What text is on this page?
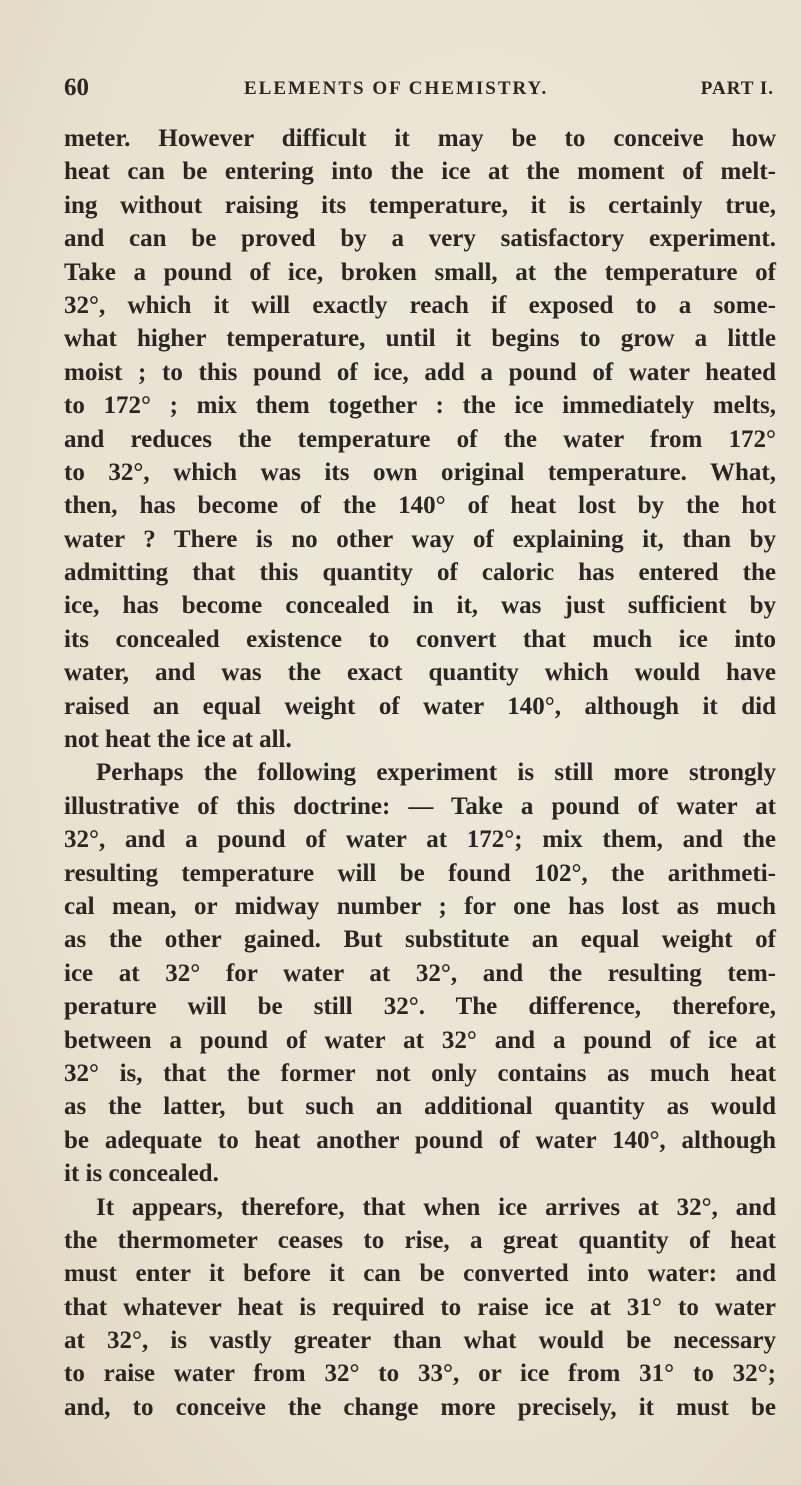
60	ELEMENTS OF CHEMISTRY.	PART I.
meter. However difficult it may be to conceive how
heat can be entering into the ice at the moment of melt-
ing without raising its temperature, it is certainly true,
and can be proved by a very satisfactory experiment.
Take a pound of ice, broken small, at the temperature of
32°, which it will exactly reach if exposed to a some-
what higher temperature, until it begins to grow a little
moist ; to this pound of ice, add a pound of water heated
to 172° ; mix them together : the ice immediately melts,
and reduces the temperature of the water from 172°
to 32°, which was its own original temperature. What,
then, has become of the 140° of heat lost by the hot
water ? There is no other way of explaining it, than by
admitting that this quantity of caloric has entered the
ice, has become concealed in it, was just sufficient by
its concealed existence to convert that much ice into
water, and was the exact quantity which would have
raised an equal weight of water 140°, although it did
not heat the ice at all.
Perhaps the following experiment is still more strongly
illustrative of this doctrine: — Take a pound of water at
32°, and a pound of water at 172°; mix them, and the
resulting temperature will be found 102°, the arithmeti-
cal mean, or midway number ; for one has lost as much
as the other gained. But substitute an equal weight of
ice at 32° for water at 32°, and the resulting tem-
perature will be still 32°. The difference, therefore,
between a pound of water at 32° and a pound of ice at
32° is, that the former not only contains as much heat
as the latter, but such an additional quantity as would
be adequate to heat another pound of water 140°, although
it is concealed.
It appears, therefore, that when ice arrives at 32°, and
the thermometer ceases to rise, a great quantity of heat
must enter it before it can be converted into water: and
that whatever heat is required to raise ice at 31° to water
at 32°, is vastly greater than what would be necessary
to raise water from 32° to 33°, or ice from 31° to 32°;
and, to conceive the change more precisely, it must be
